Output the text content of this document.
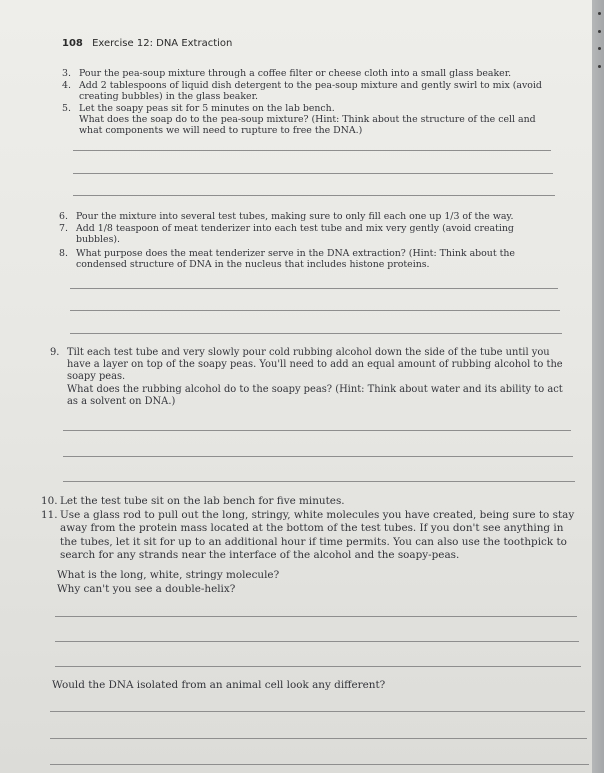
108 Exercise 12: DNA Extraction
3. Pour the pea-soup mixture through a coffee filter or cheese cloth into a small glass beaker.
4. Add 2 tablespoons of liquid dish detergent to the pea-soup mixture and gently swirl to mix (avoid creating bubbles) in the glass beaker.
5. Let the soapy peas sit for 5 minutes on the lab bench.
What does the soap do to the pea-soup mixture? (Hint: Think about the structure of the cell and what components we will need to rupture to free the DNA.)
6. Pour the mixture into several test tubes, making sure to only fill each one up 1/3 of the way.
7. Add 1/8 teaspoon of meat tenderizer into each test tube and mix very gently (avoid creating bubbles).
8. What purpose does the meat tenderizer serve in the DNA extraction? (Hint: Think about the condensed structure of DNA in the nucleus that includes histone proteins.
9. Tilt each test tube and very slowly pour cold rubbing alcohol down the side of the tube until you have a layer on top of the soapy peas. You'll need to add an equal amount of rubbing alcohol to the soapy peas.
What does the rubbing alcohol do to the soapy peas? (Hint: Think about water and its ability to act as a solvent on DNA.)
10. Let the test tube sit on the lab bench for five minutes.
11. Use a glass rod to pull out the long, stringy, white molecules you have created, being sure to stay away from the protein mass located at the bottom of the test tubes. If you don't see anything in the tubes, let it sit for up to an additional hour if time permits. You can also use the toothpick to search for any strands near the interface of the alcohol and the soapy-peas.
What is the long, white, stringy molecule?
Why can't you see a double-helix?
Would the DNA isolated from an animal cell look any different?
